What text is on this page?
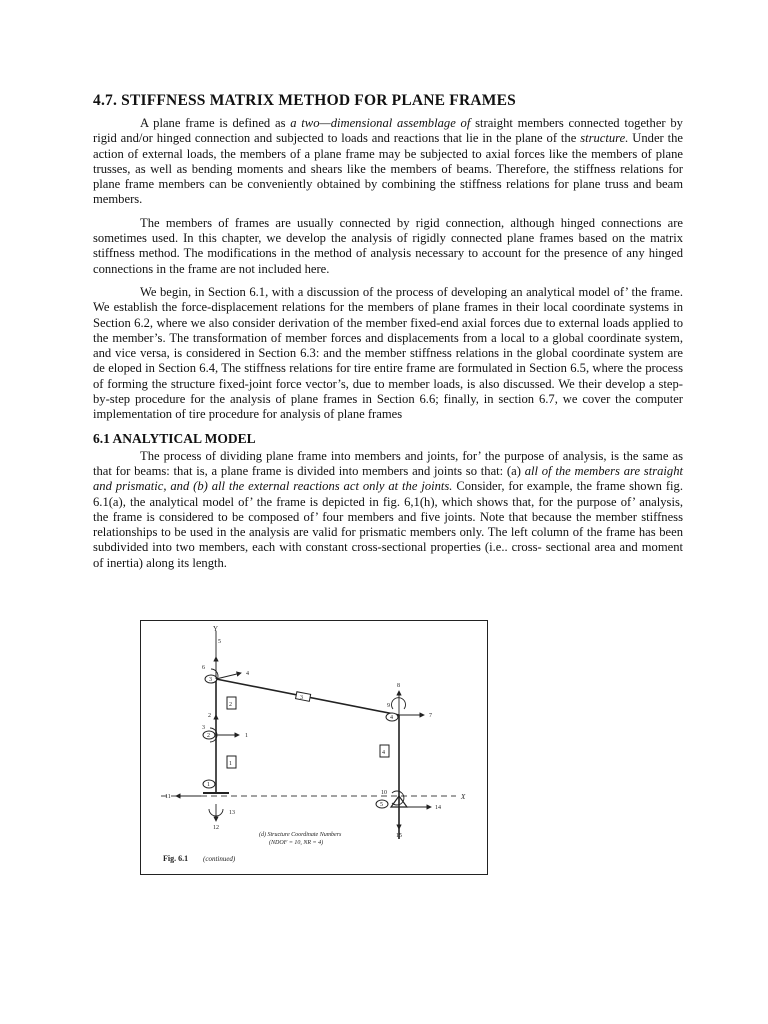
4.7. STIFFNESS MATRIX METHOD FOR PLANE FRAMES

A plane frame is defined as a two—dimensional assemblage of straight members connected together by rigid and/or hinged connection and subjected to loads and reactions that lie in the plane of the structure. Under the action of external loads, the members of a plane frame may be subjected to axial forces like the members of plane trusses, as well as bending moments and shears like the members of beams. Therefore, the stiffness relations for plane frame members can be conveniently obtained by combining the stiffness relations for plane truss and beam members.

The members of frames are usually connected by rigid connection, although hinged connections are sometimes used. In this chapter, we develop the analysis of rigidly connected plane frames based on the matrix stiffness method. The modifications in the method of analysis necessary to account for the presence of any hinged connections in the frame are not included here.

We begin, in Section 6.1, with a discussion of the process of developing an analytical model of’ the frame. We establish the force-displacement relations for the members of plane frames in their local coordinate systems in Section 6.2, where we also consider derivation of the member fixed-end axial forces due to external loads applied to the member’s. The transformation of member forces and displacements from a local to a global coordinate system, and vice versa, is considered in Section 6.3: and the member stiffness relations in the global coordinate system are de eloped in Section 6.4, The stiffness relations for tire entire frame are formulated in Section 6.5, where the process of forming the structure fixed-joint force vector’s, due to member loads, is also discussed. We their develop a step-by-step procedure for the analysis of plane frames in Section 6.6; finally, in section 6.7, we cover the computer implementation of tire procedure for analysis of plane frames

6.1 ANALYTICAL MODEL

The process of dividing plane frame into members and joints, for’ the purpose of analysis, is the same as that for beams: that is, a plane frame is divided into members and joints so that: (a) all of the members are straight and prismatic, and (b) all the external reactions act only at the joints. Consider, for example, the frame shown fig. 6.1(a), the analytical model of’ the frame is depicted in fig. 6,1(h), which shows that, for the purpose of’ analysis, the frame is considered to be composed of’ four members and five joints. Note that because the member stiffness relationships to be used in the analysis are valid for prismatic members only. The left column of the frame has been subdivided into two members, each with constant cross-sectional properties (i.e.. cross- sectional area and moment of inertia) along its length.

Y
X
1
2
3
4
5
1
2
3
4
5
6
4
2
3
1
8
9
7
11
13
12
10
14
15
(d) Structure Coordinate Numbers
(NDOF = 10, NR = 4)
Fig. 6.1 (continued)
